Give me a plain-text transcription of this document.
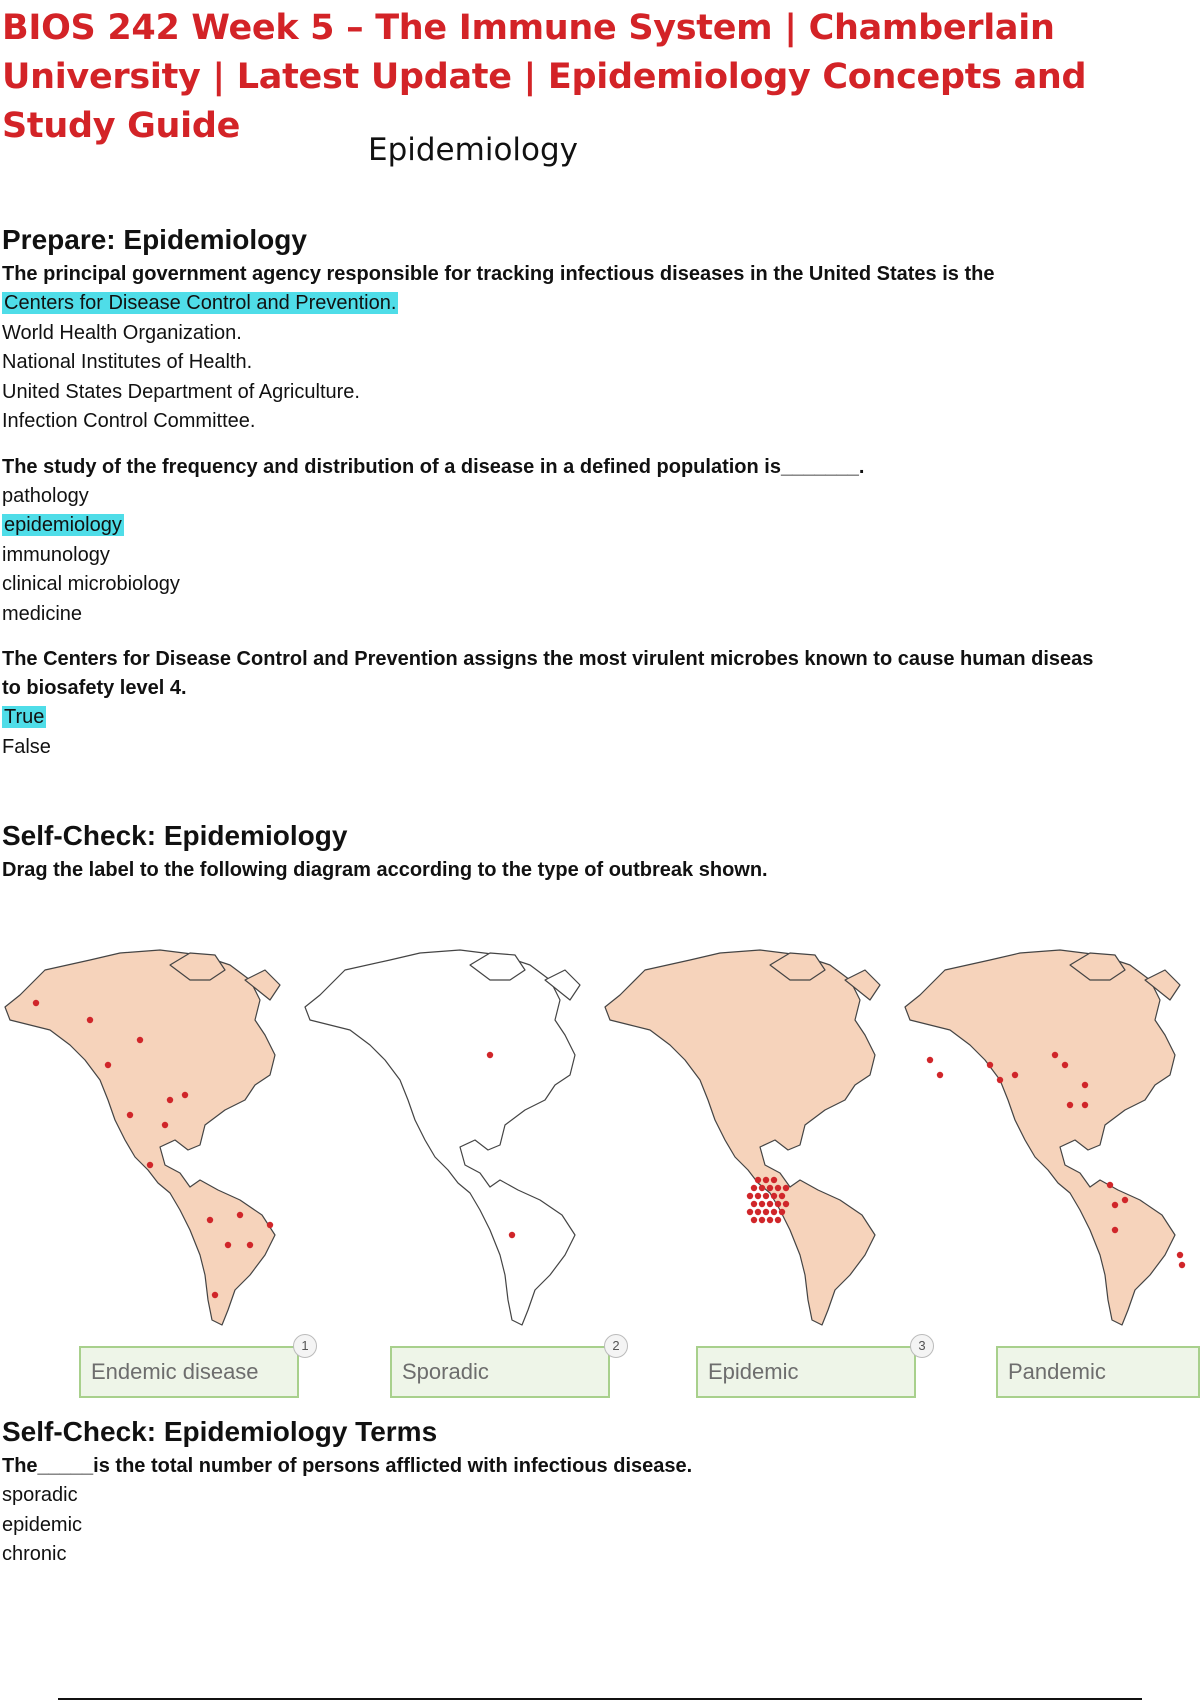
BIOS 242 Week 5 – The Immune System | Chamberlain University | Latest Update | Epidemiology Concepts and Study Guide
Epidemiology
Prepare: Epidemiology
The principal government agency responsible for tracking infectious diseases in the United States is the
Centers for Disease Control and Prevention.
World Health Organization.
National Institutes of Health.
United States Department of Agriculture.
Infection Control Committee.
The study of the frequency and distribution of a disease in a defined population is_______.
pathology
epidemiology
immunology
clinical microbiology
medicine
The Centers for Disease Control and Prevention assigns the most virulent microbes known to cause human diseas
to biosafety level 4.
True
False
Self-Check: Epidemiology
Drag the label to the following diagram according to the type of outbreak shown.
Endemic disease
1
Sporadic
2
Epidemic
3
Pandemic
Self-Check: Epidemiology Terms
The_____is the total number of persons afflicted with infectious disease.
sporadic
epidemic
chronic
